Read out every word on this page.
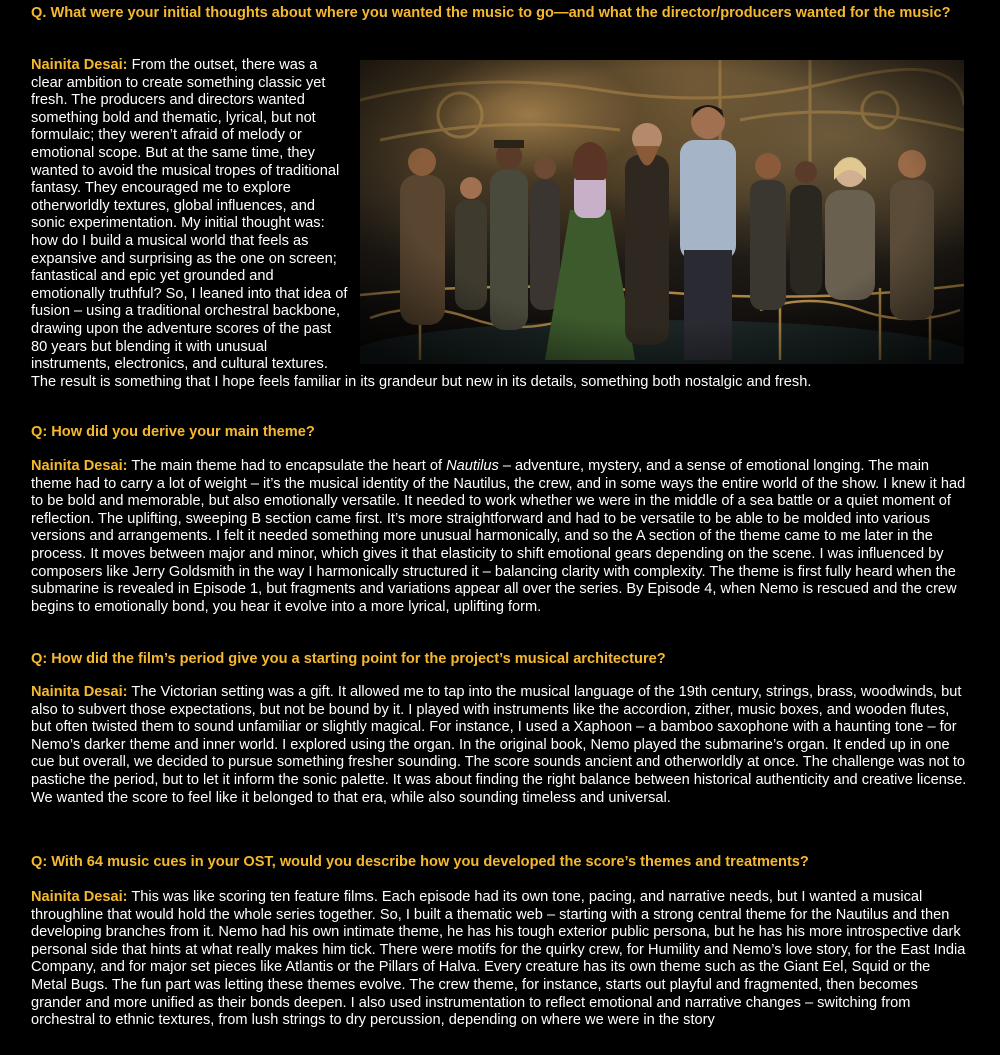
Q. What were your initial thoughts about where you wanted the music to go—and what the director/producers wanted for the music?

Nainita Desai: From the outset, there was a clear ambition to create something classic yet fresh. The producers and directors wanted something bold and thematic, lyrical, but not formulaic; they weren’t afraid of melody or emotional scope. But at the same time, they wanted to avoid the musical tropes of traditional fantasy. They encouraged me to explore otherworldly textures, global influences, and sonic experimentation. My initial thought was: how do I build a musical world that feels as expansive and surprising as the one on screen; fantastical and epic yet grounded and emotionally truthful? So, I leaned into that idea of fusion – using a traditional orchestral backbone, drawing upon the adventure scores of the past 80 years but blending it with unusual instruments, electronics, and cultural textures. The result is something that I hope feels familiar in its grandeur but new in its details, something both nostalgic and fresh.

Q: How did you derive your main theme?

Nainita Desai: The main theme had to encapsulate the heart of Nautilus – adventure, mystery, and a sense of emotional longing. The main theme had to carry a lot of weight – it’s the musical identity of the Nautilus, the crew, and in some ways the entire world of the show. I knew it had to be bold and memorable, but also emotionally versatile. It needed to work whether we were in the middle of a sea battle or a quiet moment of reflection. The uplifting, sweeping B section came first. It’s more straightforward and had to be versatile to be able to be molded into various versions and arrangements. I felt it needed something more unusual harmonically, and so the A section of the theme came to me later in the process. It moves between major and minor, which gives it that elasticity to shift emotional gears depending on the scene. I was influenced by composers like Jerry Goldsmith in the way I harmonically structured it – balancing clarity with complexity. The theme is first fully heard when the submarine is revealed in Episode 1, but fragments and variations appear all over the series. By Episode 4, when Nemo is rescued and the crew begins to emotionally bond, you hear it evolve into a more lyrical, uplifting form.

Q: How did the film’s period give you a starting point for the project’s musical architecture?

Nainita Desai: The Victorian setting was a gift. It allowed me to tap into the musical language of the 19th century, strings, brass, woodwinds, but also to subvert those expectations, but not be bound by it. I played with instruments like the accordion, zither, music boxes, and wooden flutes, but often twisted them to sound unfamiliar or slightly magical. For instance, I used a Xaphoon – a bamboo saxophone with a haunting tone – for Nemo’s darker theme and inner world. I explored using the organ. In the original book, Nemo played the submarine’s organ. It ended up in one cue but overall, we decided to pursue something fresher sounding. The score sounds ancient and otherworldly at once. The challenge was not to pastiche the period, but to let it inform the sonic palette. It was about finding the right balance between historical authenticity and creative license. We wanted the score to feel like it belonged to that era, while also sounding timeless and universal.

Q: With 64 music cues in your OST, would you describe how you developed the score’s themes and treatments?

Nainita Desai: This was like scoring ten feature films. Each episode had its own tone, pacing, and narrative needs, but I wanted a musical throughline that would hold the whole series together. So, I built a thematic web – starting with a strong central theme for the Nautilus and then developing branches from it. Nemo had his own intimate theme, he has his tough exterior public persona, but he has his more introspective dark personal side that hints at what really makes him tick. There were motifs for the quirky crew, for Humility and Nemo’s love story, for the East India Company, and for major set pieces like Atlantis or the Pillars of Halva. Every creature has its own theme such as the Giant Eel, Squid or the Metal Bugs. The fun part was letting these themes evolve. The crew theme, for instance, starts out playful and fragmented, then becomes grander and more unified as their bonds deepen. I also used instrumentation to reflect emotional and narrative changes – switching from orchestral to ethnic textures, from lush strings to dry percussion, depending on where we were in the story
